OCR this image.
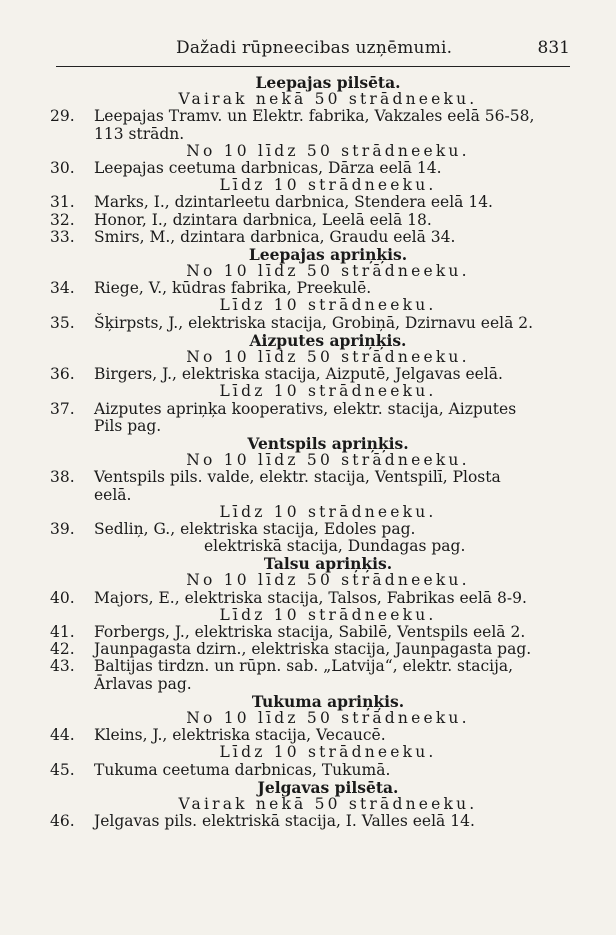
Dažadi rūpneecibas uzņēmumi.	831
Leepajas pilsēta.
Vairak nekā 50 strādneeku.
29.	Leepajas Tramv. un Elektr. fabrika, Vakzales eelā 56-58,
113 strādn.
No 10 līdz 50 strādneeku.
30.	Leepajas ceetuma darbnicas, Dārza eelā 14.
Līdz 10 strādneeku.
31.	Marks, I., dzintarleetu darbnica, Stendera eelā 14.
32.	Honor, I., dzintara darbnica, Leelā eelā 18.
33.	Smirs, M., dzintara darbnica, Graudu eelā 34.
Leepajas apriņķis.
No 10 līdz 50 strādneeku.
34.	Riege, V., kūdras fabrika, Preekulē.
Līdz 10 strādneeku.
35.	Šķirpsts, J., elektriska stacija, Grobiņā, Dzirnavu eelā 2.
Aizputes apriņķis.
No 10 līdz 50 strādneeku.
36.	Birgers, J., elektriska stacija, Aizputē, Jelgavas eelā.
Līdz 10 strādneeku.
37.	Aizputes apriņķa kooperativs, elektr. stacija, Aizputes
Pils pag.
Ventspils apriņķis.
No 10 līdz 50 strādneeku.
38.	Ventspils pils. valde, elektr. stacija, Ventspilī, Plosta
eelā.
Līdz 10 strādneeku.
39.	Sedliņ, G., elektriska stacija, Edoles pag.
elektriskā stacija, Dundagas pag.
Talsu apriņķis.
No 10 līdz 50 strādneeku.
40.	Majors, E., elektriska stacija, Talsos, Fabrikas eelā 8-9.
Līdz 10 strādneeku.
41.	Forbergs, J., elektriska stacija, Sabilē, Ventspils eelā 2.
42.	Jaunpagasta dzirn., elektriska stacija, Jaunpagasta pag.
43.	Baltijas tirdzn. un rūpn. sab. „Latvija“, elektr. stacija,
Ārlavas pag.
Tukuma apriņķis.
No 10 līdz 50 strādneeku.
44.	Kleins, J., elektriska stacija, Vecaucē.
Līdz 10 strādneeku.
45.	Tukuma ceetuma darbnicas, Tukumā.
Jelgavas pilsēta.
Vairak nekā 50 strādneeku.
46.	Jelgavas pils. elektriskā stacija, I. Valles eelā 14.
